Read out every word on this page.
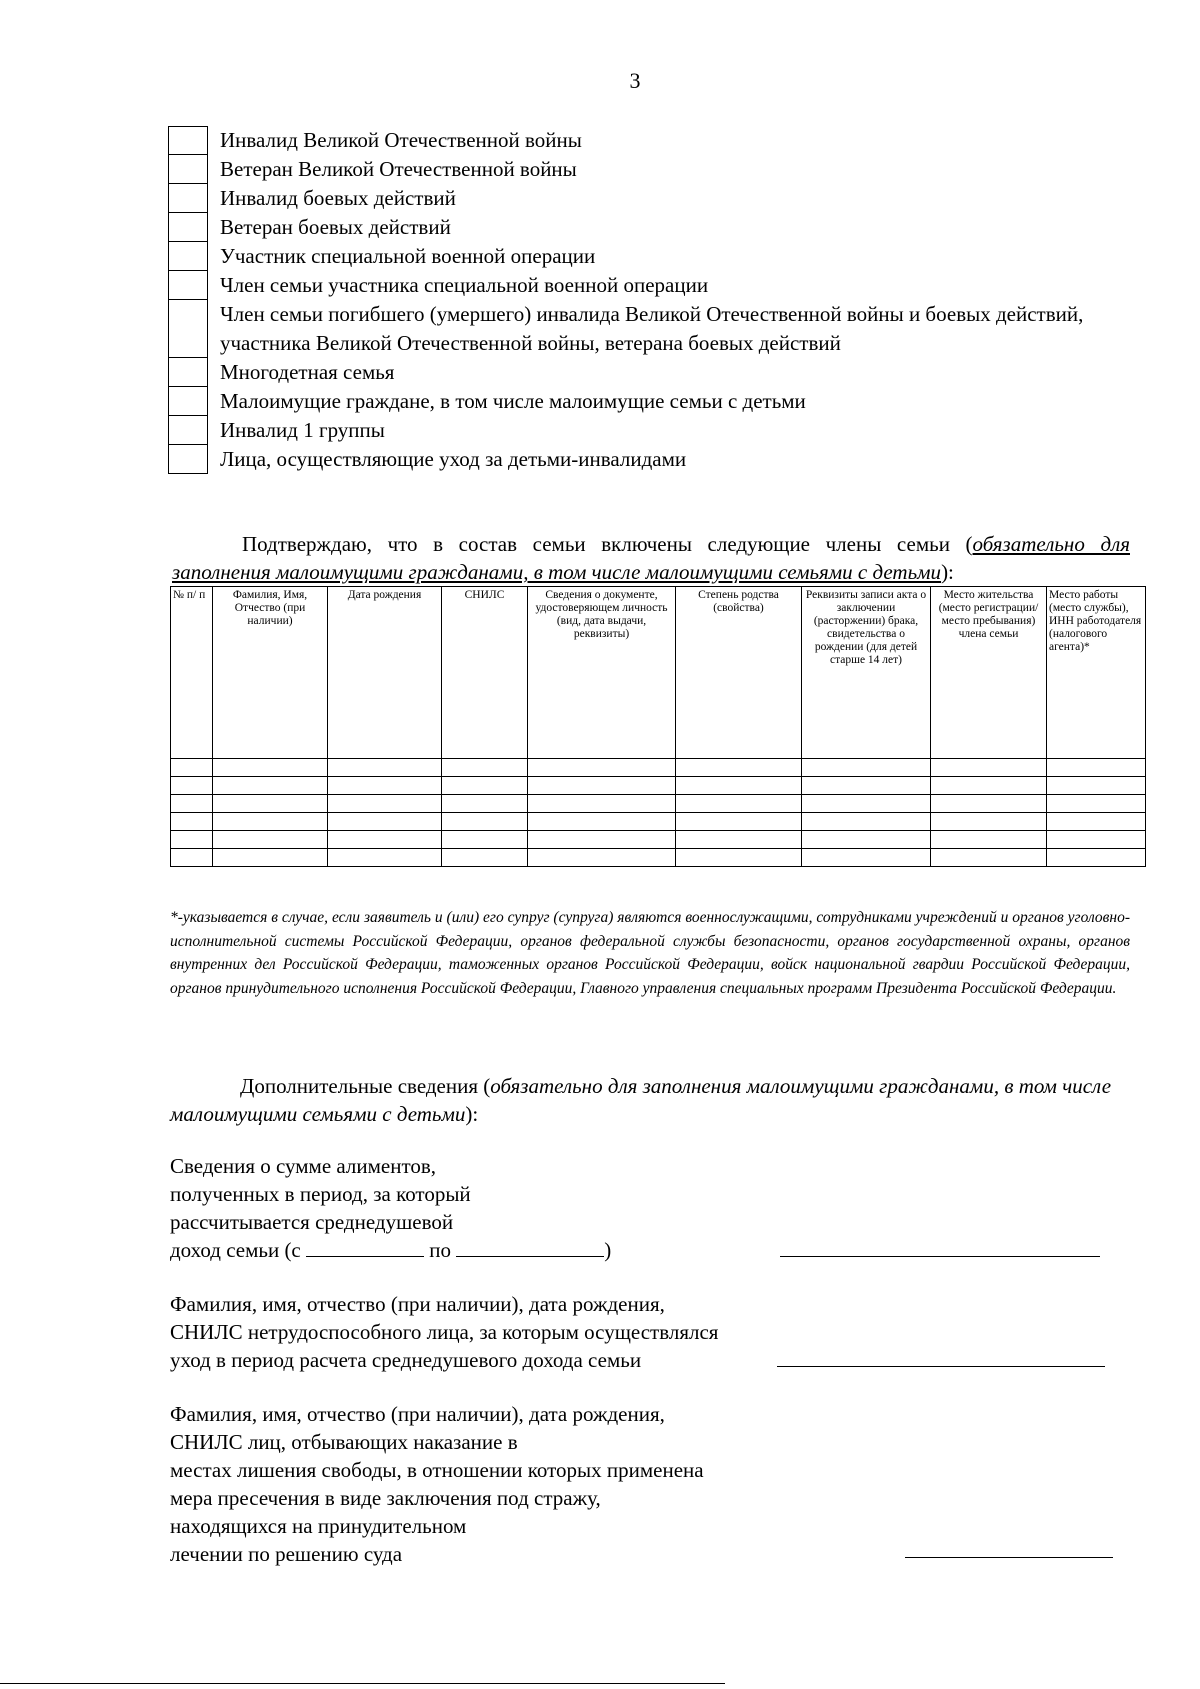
3
Инвалид Великой Отечественной войны
Ветеран Великой Отечественной войны
Инвалид боевых действий
Ветеран боевых действий
Участник специальной военной операции
Член семьи участника специальной военной операции
Член семьи погибшего (умершего) инвалида Великой Отечественной войны и боевых действий, участника Великой Отечественной войны, ветерана боевых действий
Многодетная семья
Малоимущие граждане, в том числе малоимущие семьи с детьми
Инвалид 1 группы
Лица, осуществляющие уход за детьми-инвалидами
Подтверждаю, что в состав семьи включены следующие члены семьи (обязательно для заполнения малоимущими гражданами, в том числе малоимущими семьями с детьми):
№ п/ п	Фамилия, Имя, Отчество (при наличии)	Дата рождения	СНИЛС	Сведения о документе, удостоверяющем личность (вид, дата выдачи, реквизиты)	Степень родства (свойства)	Реквизиты записи акта о заключении (расторжении) брака, свидетельства о рождении (для детей старше 14 лет)	Место жительства (место регистрации/ место пребывания) члена семьи	Место работы (место службы), ИНН работодателя (налогового агента)*

*-указывается в случае, если заявитель и (или) его супруг (супруга) являются военнослужащими, сотрудниками учреждений и органов уголовно-исполнительной системы Российской Федерации, органов федеральной службы безопасности, органов государственной охраны, органов внутренних дел Российской Федерации, таможенных органов Российской Федерации, войск национальной гвардии Российской Федерации, органов принудительного исполнения Российской Федерации, Главного управления специальных программ Президента Российской Федерации.
Дополнительные сведения (обязательно для заполнения малоимущими гражданами, в том числе малоимущими семьями с детьми):
Сведения о сумме алиментов,
полученных в период, за который
рассчитывается среднедушевой
доход семьи (с	по	)
Фамилия, имя, отчество (при наличии), дата рождения,
СНИЛС нетрудоспособного лица, за которым осуществлялся
уход в период расчета среднедушевого дохода семьи
Фамилия, имя, отчество (при наличии), дата рождения,
СНИЛС лиц, отбывающих наказание в
местах лишения свободы, в отношении которых применена
мера пресечения в виде заключения под стражу,
находящихся на принудительном
лечении по решению суда
